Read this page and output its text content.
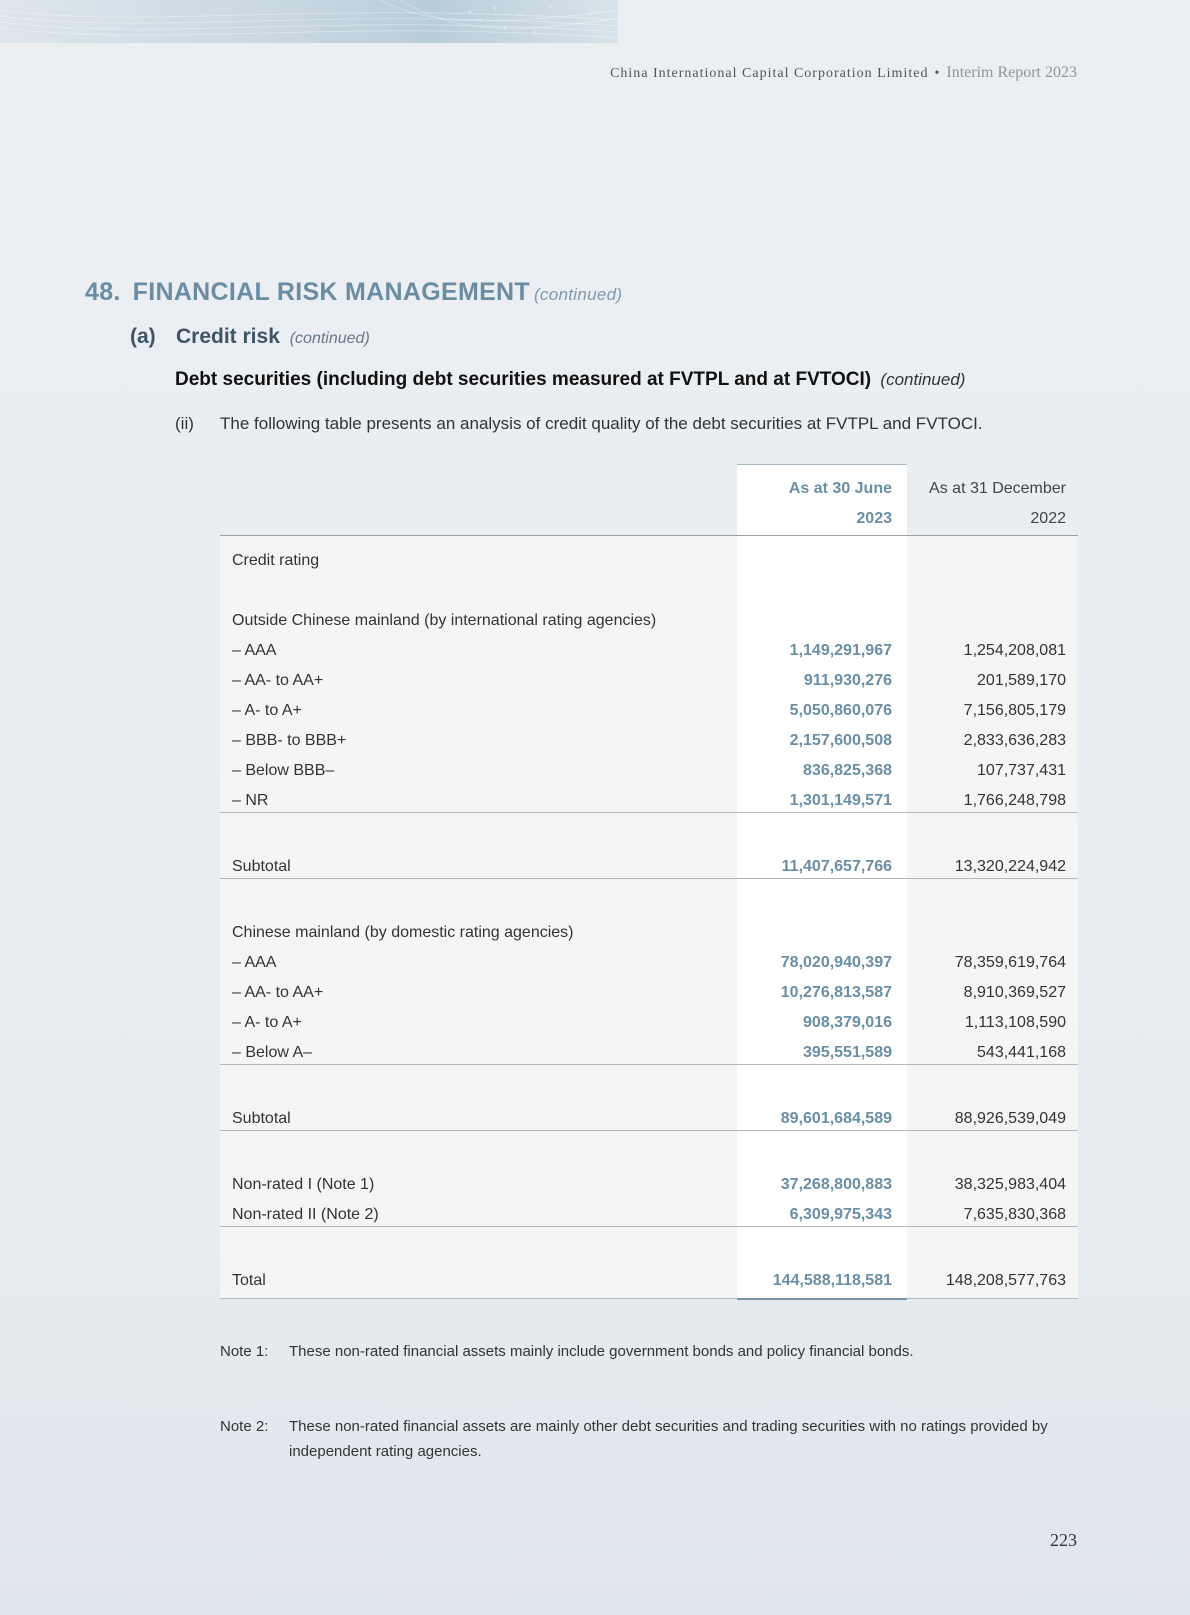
China International Capital Corporation Limited • Interim Report 2023
48. FINANCIAL RISK MANAGEMENT (continued)
(a) Credit risk (continued)
Debt securities (including debt securities measured at FVTPL and at FVTOCI) (continued)
(ii) The following table presents an analysis of credit quality of the debt securities at FVTPL and FVTOCI.
As at 30 June
2023
As at 31 December
2022
Credit rating
Outside Chinese mainland (by international rating agencies)
– AAA	1,149,291,967	1,254,208,081
– AA- to AA+	911,930,276	201,589,170
– A- to A+	5,050,860,076	7,156,805,179
– BBB- to BBB+	2,157,600,508	2,833,636,283
– Below BBB–	836,825,368	107,737,431
– NR	1,301,149,571	1,766,248,798
Subtotal	11,407,657,766	13,320,224,942
Chinese mainland (by domestic rating agencies)
– AAA	78,020,940,397	78,359,619,764
– AA- to AA+	10,276,813,587	8,910,369,527
– A- to A+	908,379,016	1,113,108,590
– Below A–	395,551,589	543,441,168
Subtotal	89,601,684,589	88,926,539,049
Non-rated I (Note 1)	37,268,800,883	38,325,983,404
Non-rated II (Note 2)	6,309,975,343	7,635,830,368
Total	144,588,118,581	148,208,577,763
Note 1: These non-rated financial assets mainly include government bonds and policy financial bonds.
Note 2: These non-rated financial assets are mainly other debt securities and trading securities with no ratings provided by independent rating agencies.
223
